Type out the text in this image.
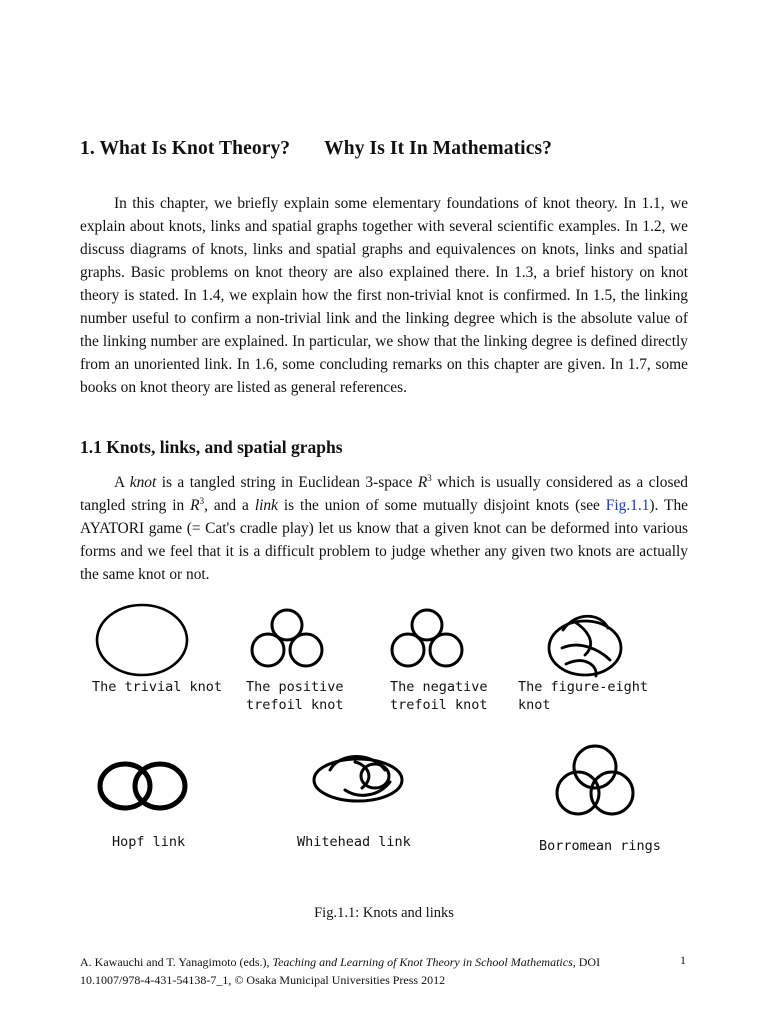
1. What Is Knot Theory? Why Is It In Mathematics?

In this chapter, we briefly explain some elementary foundations of knot theory. In 1.1, we explain about knots, links and spatial graphs together with several scientific examples. In 1.2, we discuss diagrams of knots, links and spatial graphs and equivalences on knots, links and spatial graphs. Basic problems on knot theory are also explained there. In 1.3, a brief history on knot theory is stated. In 1.4, we explain how the first non-trivial knot is confirmed. In 1.5, the linking number useful to confirm a non-trivial link and the linking degree which is the absolute value of the linking number are explained. In particular, we show that the linking degree is defined directly from an unoriented link. In 1.6, some concluding remarks on this chapter are given. In 1.7, some books on knot theory are listed as general references.

1.1 Knots, links, and spatial graphs

A knot is a tangled string in Euclidean 3-space $R^3$ which is usually considered as a closed tangled string in $R^3$, and a link is the union of some mutually disjoint knots (see Fig.1.1). The AYATORI game (= Cat's cradle play) let us know that a given knot can be deformed into various forms and we feel that it is a difficult problem to judge whether any given two knots are actually the same knot or not.

The trivial knot The positive
trefoil knot

The negative
trefoil knot

The figure-eight
knot

Hopf link	Whitehead link	Borromean rings

Fig.1.1: Knots and links

A. Kawauchi and T. Yanagimoto (eds.), Teaching and Learning of Knot Theory in School Mathematics, DOI 10.1007/978-4-431-54138-7_1, © Osaka Municipal Universities Press 2012

1
